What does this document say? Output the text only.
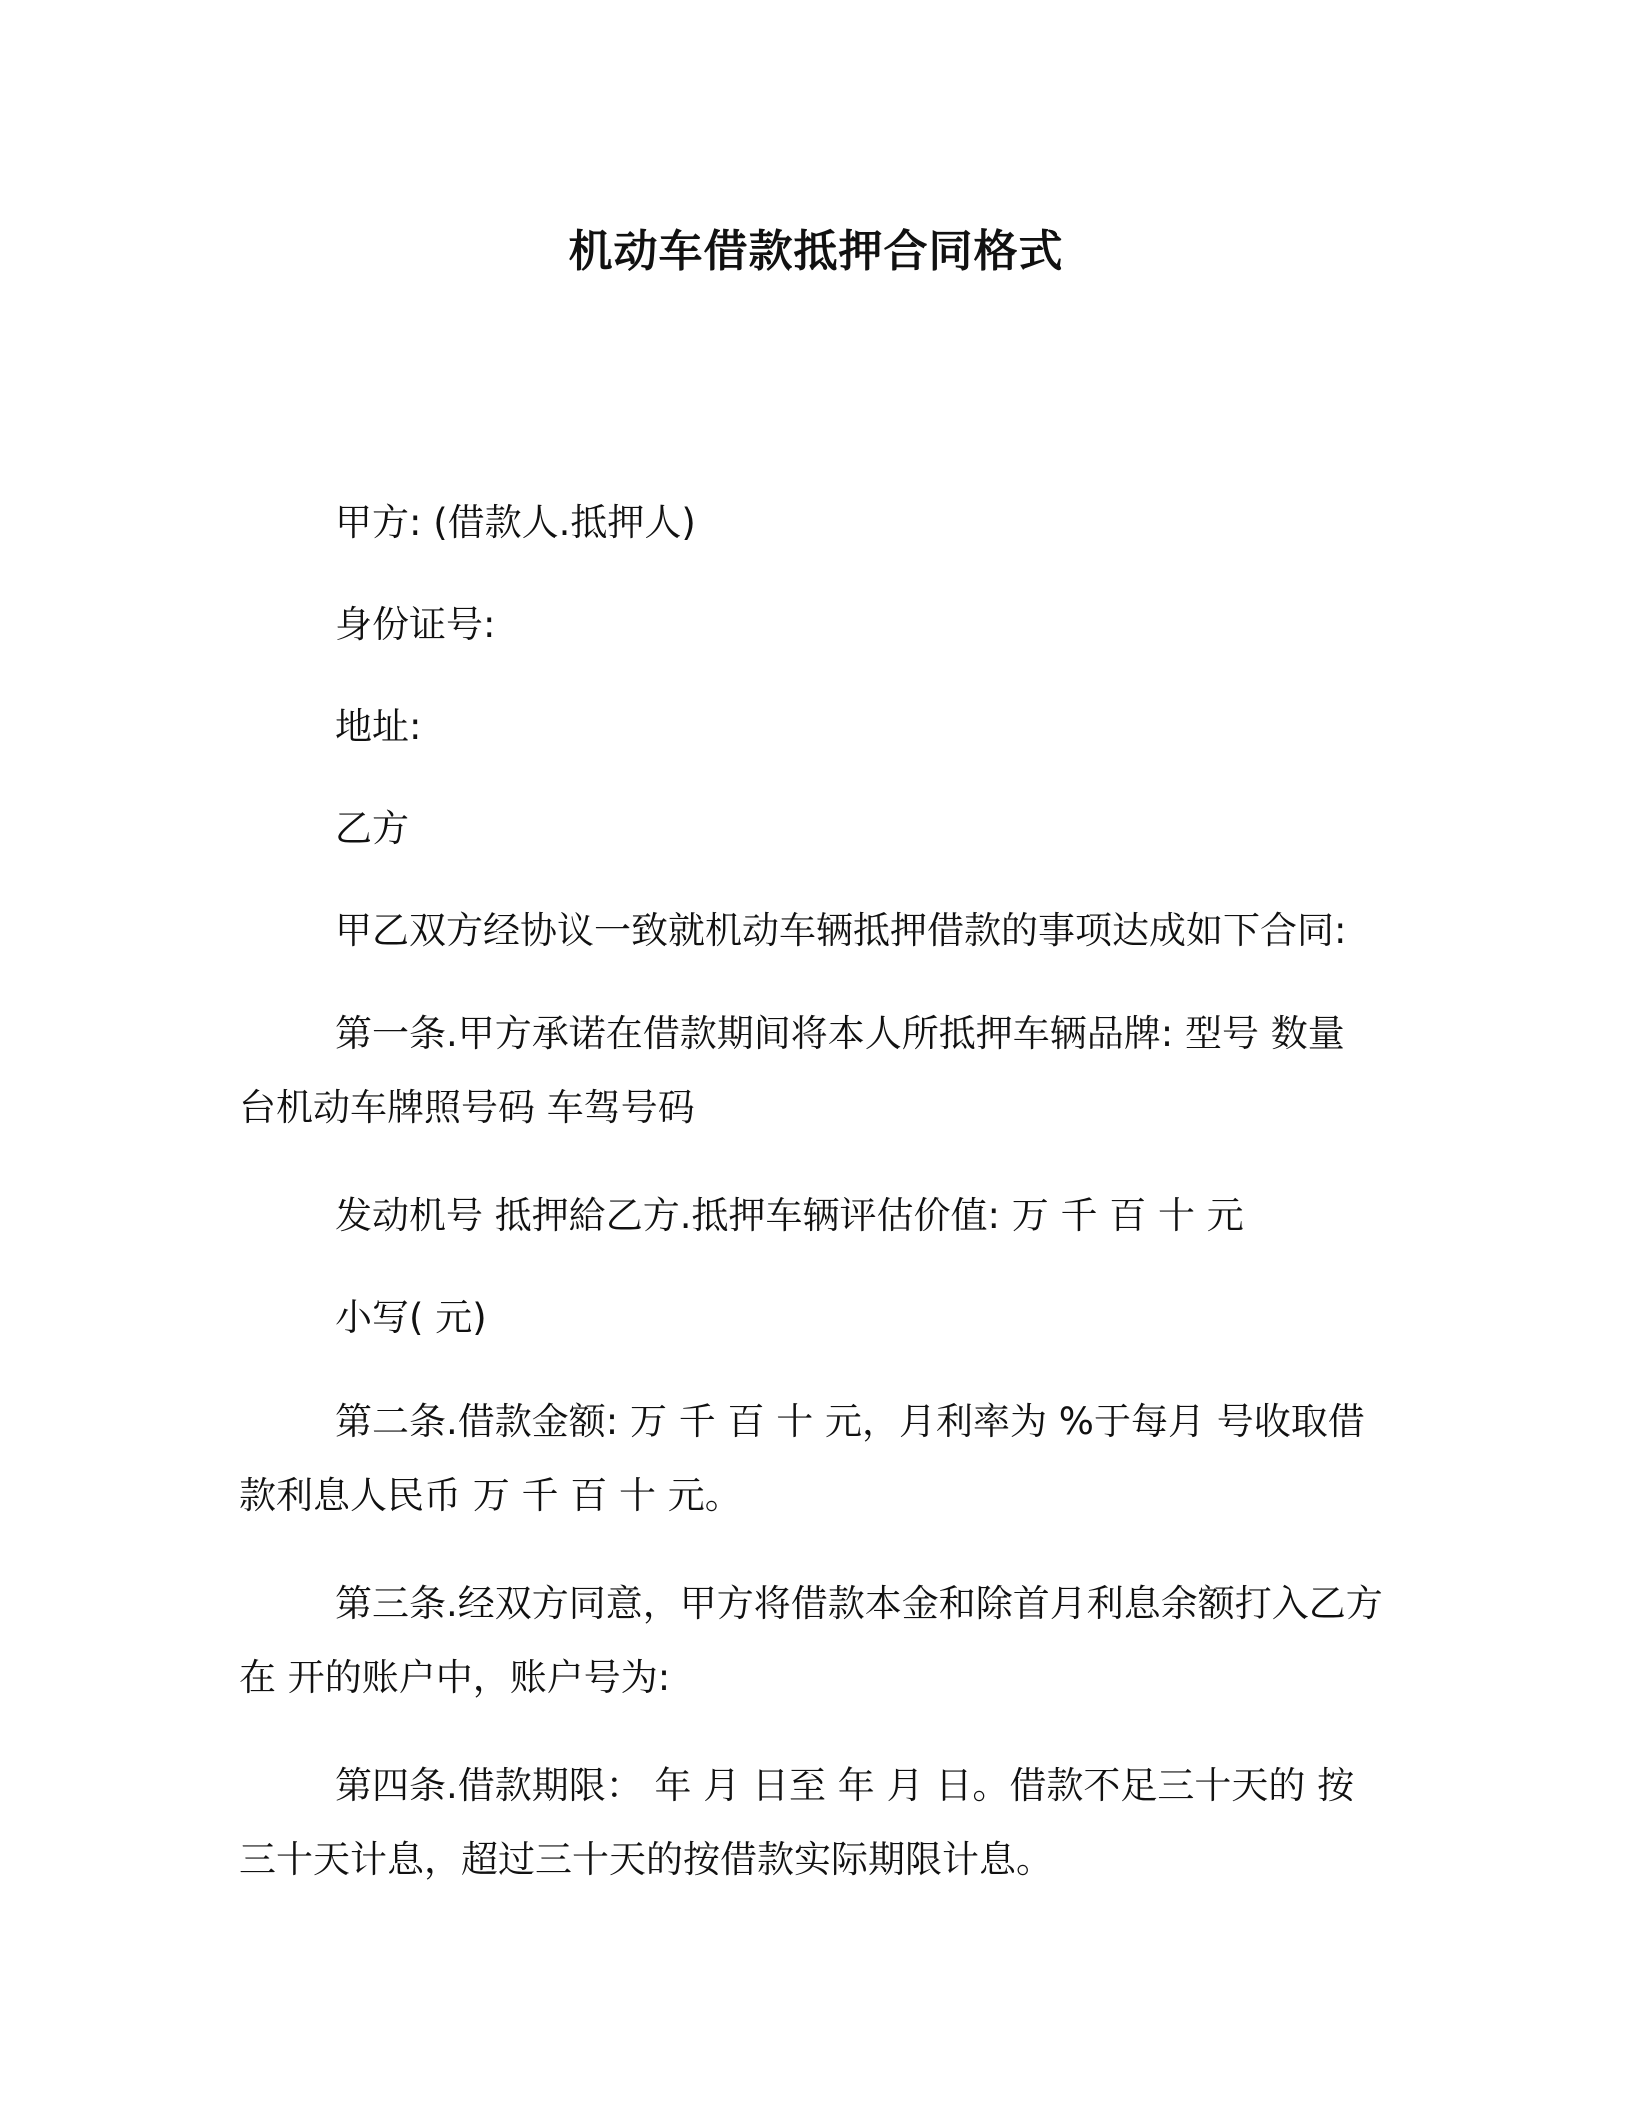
机动车借款抵押合同格式
甲方: (借款人.抵押人)
身份证号:
地址:
乙方
甲乙双方经协议一致就机动车辆抵押借款的事项达成如下合同:
第一条.甲方承诺在借款期间将本人所抵押车辆品牌: 型号 数量 台机动车牌照号码 车驾号码
发动机号 抵押給乙方.抵押车辆评估价值: 万 千 百 十 元
小写( 元)
第二条.借款金额: 万 千 百 十 元，月利率为 %于每月 号收取借款利息人民币 万 千 百 十 元。
第三条.经双方同意，甲方将借款本金和除首月利息余额打入乙方在 开的账户中，账户号为:
第四条.借款期限： 年 月 日至 年 月 日。借款不足三十天的 按三十天计息，超过三十天的按借款实际期限计息。
